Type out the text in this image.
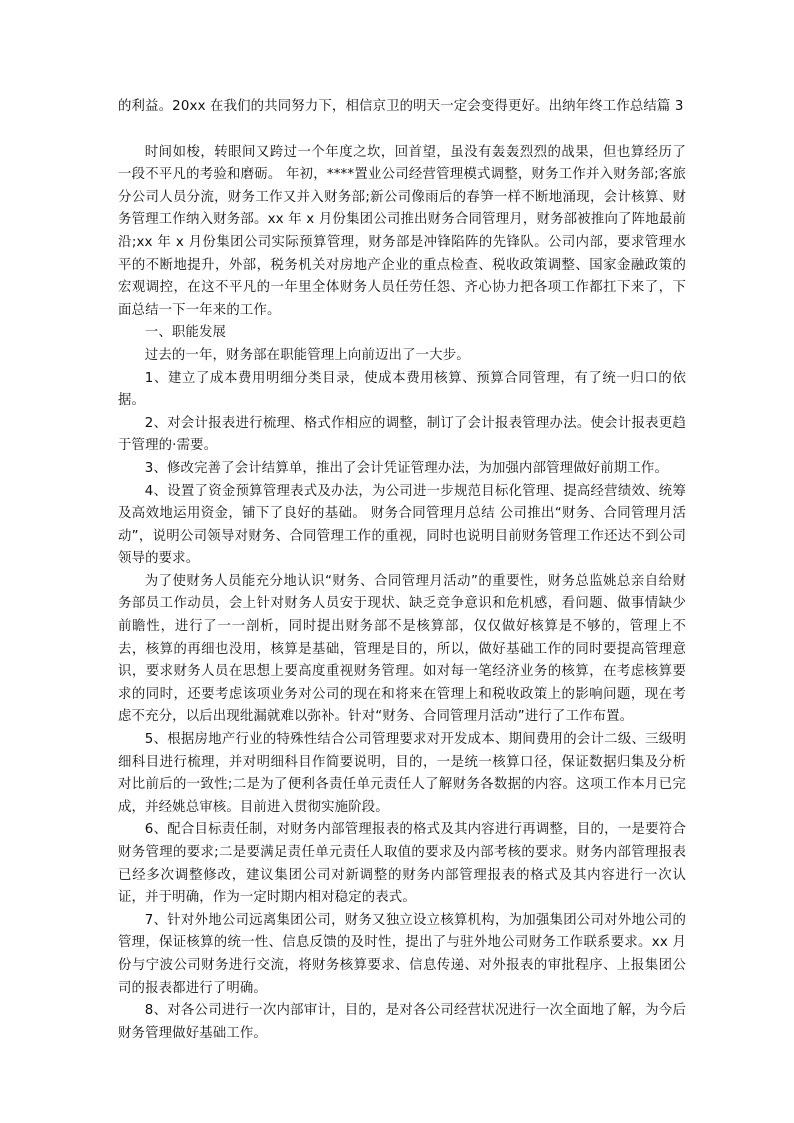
的利益。20xx 在我们的共同努力下，相信京卫的明天一定会变得更好。出纳年终工作总结篇 3

时间如梭，转眼间又跨过一个年度之坎，回首望，虽没有轰轰烈烈的战果，但也算经历了一段不平凡的考验和磨砺。 年初，****置业公司经营管理模式调整，财务工作并入财务部;客旅分公司人员分流，财务工作又并入财务部;新公司像雨后的春笋一样不断地涌现，会计核算、财务管理工作纳入财务部。xx 年 x 月份集团公司推出财务合同管理月，财务部被推向了阵地最前沿;xx 年 x 月份集团公司实际预算管理，财务部是冲锋陷阵的先锋队。公司内部，要求管理水平的不断地提升，外部，税务机关对房地产企业的重点检查、税收政策调整、国家金融政策的宏观调控，在这不平凡的一年里全体财务人员任劳任怨、齐心协力把各项工作都扛下来了，下面总结一下一年来的工作。

一、职能发展

过去的一年，财务部在职能管理上向前迈出了一大步。

1、建立了成本费用明细分类目录，使成本费用核算、预算合同管理，有了统一归口的依据。

2、对会计报表进行梳理、格式作相应的调整，制订了会计报表管理办法。使会计报表更趋于管理的·需要。

3、修改完善了会计结算单，推出了会计凭证管理办法，为加强内部管理做好前期工作。

4、设置了资金预算管理表式及办法，为公司进一步规范目标化管理、提高经营绩效、统筹及高效地运用资金，铺下了良好的基础。 财务合同管理月总结 公司推出“财务、合同管理月活动”，说明公司领导对财务、合同管理工作的重视，同时也说明目前财务管理工作还达不到公司领导的要求。

为了使财务人员能充分地认识“财务、合同管理月活动”的重要性，财务总监姚总亲自给财务部员工作动员，会上针对财务人员安于现状、缺乏竞争意识和危机感，看问题、做事情缺少前瞻性，进行了一一剖析，同时提出财务部不是核算部，仅仅做好核算是不够的，管理上不去，核算的再细也没用，核算是基础，管理是目的，所以，做好基础工作的同时要提高管理意识，要求财务人员在思想上要高度重视财务管理。如对每一笔经济业务的核算，在考虑核算要求的同时，还要考虑该项业务对公司的现在和将来在管理上和税收政策上的影响问题，现在考虑不充分，以后出现纰漏就难以弥补。针对“财务、合同管理月活动”进行了工作布置。

5、根据房地产行业的特殊性结合公司管理要求对开发成本、期间费用的会计二级、三级明细科目进行梳理，并对明细科目作简要说明，目的，一是统一核算口径，保证数据归集及分析对比前后的一致性;二是为了便利各责任单元责任人了解财务各数据的内容。这项工作本月已完成，并经姚总审核。目前进入贯彻实施阶段。

6、配合目标责任制，对财务内部管理报表的格式及其内容进行再调整，目的，一是要符合财务管理的要求;二是要满足责任单元责任人取值的要求及内部考核的要求。财务内部管理报表已经多次调整修改，建议集团公司对新调整的财务内部管理报表的格式及其内容进行一次认证，并于明确，作为一定时期内相对稳定的表式。

7、针对外地公司远离集团公司，财务又独立设立核算机构，为加强集团公司对外地公司的管理，保证核算的统一性、信息反馈的及时性，提出了与驻外地公司财务工作联系要求。xx 月份与宁波公司财务进行交流，将财务核算要求、信息传递、对外报表的审批程序、上报集团公司的报表都进行了明确。

8、对各公司进行一次内部审计，目的，是对各公司经营状况进行一次全面地了解，为今后财务管理做好基础工作。
